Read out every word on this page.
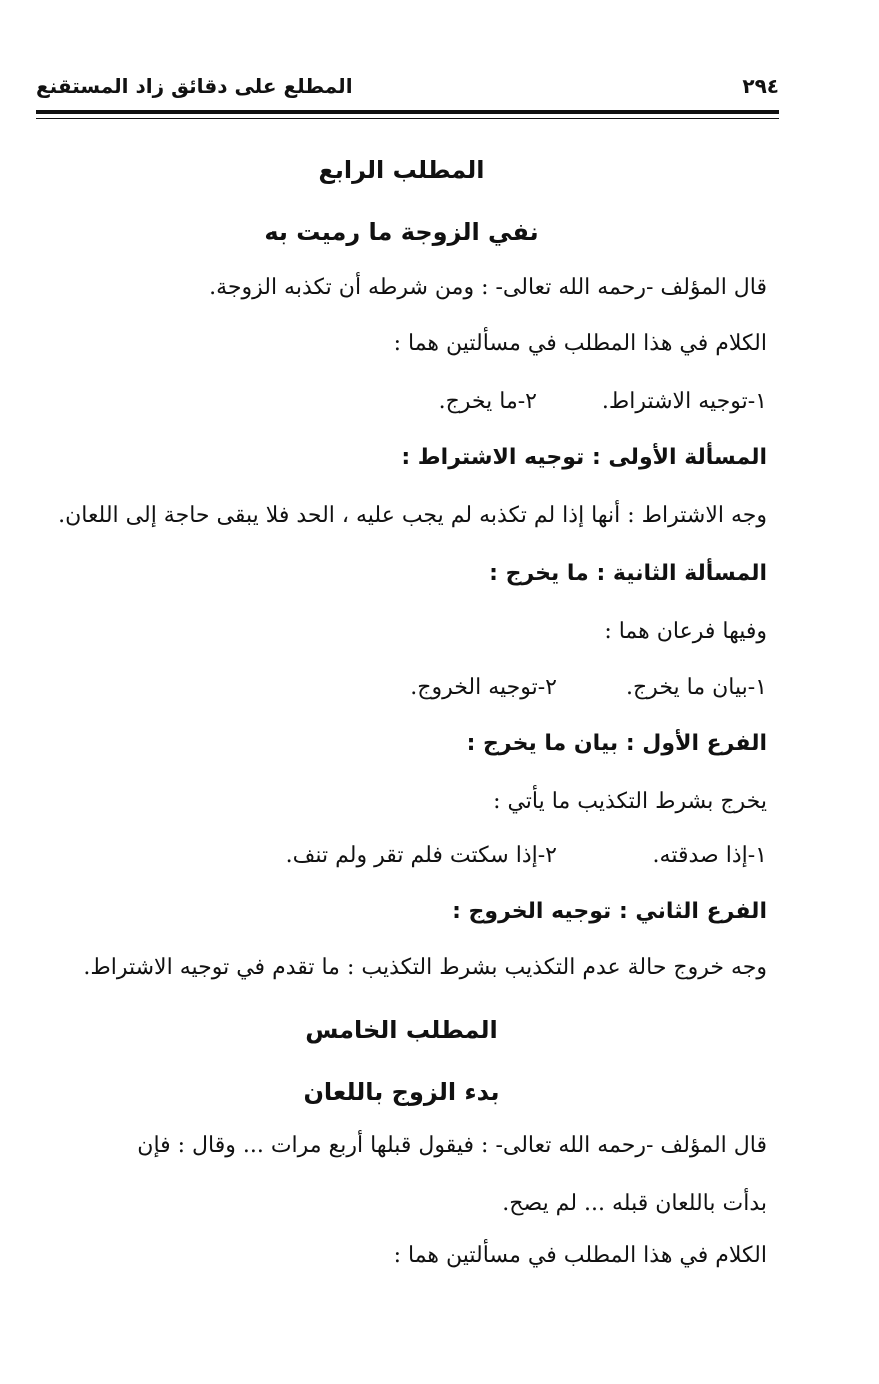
٢٩٤
المطلع على دقائق زاد المستقنع
المطلب الرابع
نفي الزوجة ما رميت به
قال المؤلف -رحمه الله تعالى- : ومن شرطه أن تكذبه الزوجة.
الكلام في هذا المطلب في مسألتين هما :
١-توجيه الاشتراط.
٢-ما يخرج.
المسألة الأولى : توجيه الاشتراط :
وجه الاشتراط : أنها إذا لم تكذبه لم يجب عليه ، الحد فلا يبقى حاجة إلى اللعان.
المسألة الثانية : ما يخرج :
وفيها فرعان هما :
١-بيان ما يخرج.
٢-توجيه الخروج.
الفرع الأول : بيان ما يخرج :
يخرج بشرط التكذيب ما يأتي :
١-إذا صدقته.
٢-إذا سكتت فلم تقر ولم تنف.
الفرع الثاني : توجيه الخروج :
وجه خروج حالة عدم التكذيب بشرط التكذيب : ما تقدم في توجيه الاشتراط.
المطلب الخامس
بدء الزوج باللعان
قال المؤلف -رحمه الله تعالى- : فيقول قبلها أربع مرات ... وقال : فإن
بدأت باللعان قبله ... لم يصح.
الكلام في هذا المطلب في مسألتين هما :
